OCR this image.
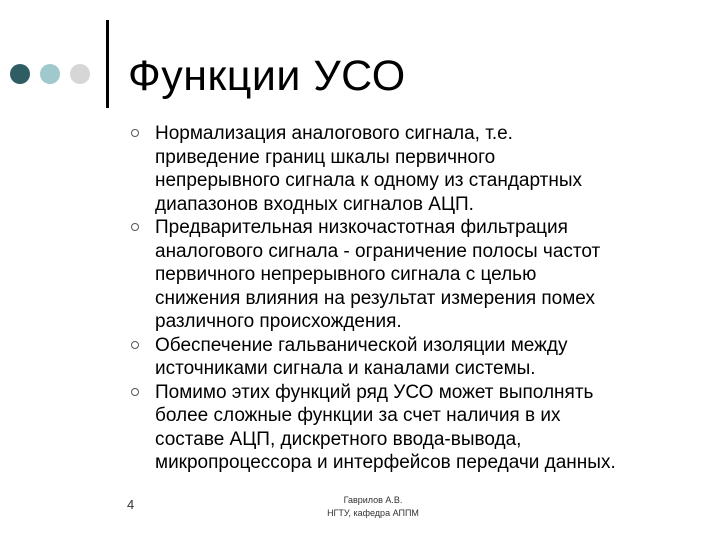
Функции УСО
Нормализация аналогового сигнала, т.е.
приведение границ шкалы первичного
непрерывного сигнала к одному из стандартных
диапазонов входных сигналов АЦП.
Предварительная низкочастотная фильтрация
аналогового сигнала - ограничение полосы частот
первичного непрерывного сигнала с целью
снижения влияния на результат измерения помех
различного происхождения.
Обеспечение гальванической изоляции между
источниками сигнала и каналами системы.
Помимо этих функций ряд УСО может выполнять
более сложные функции за счет наличия в их
составе АЦП, дискретного ввода-вывода,
микропроцессора и интерфейсов передачи данных.
4	Гаврилов А.В.
НГТУ, кафедра АППМ
